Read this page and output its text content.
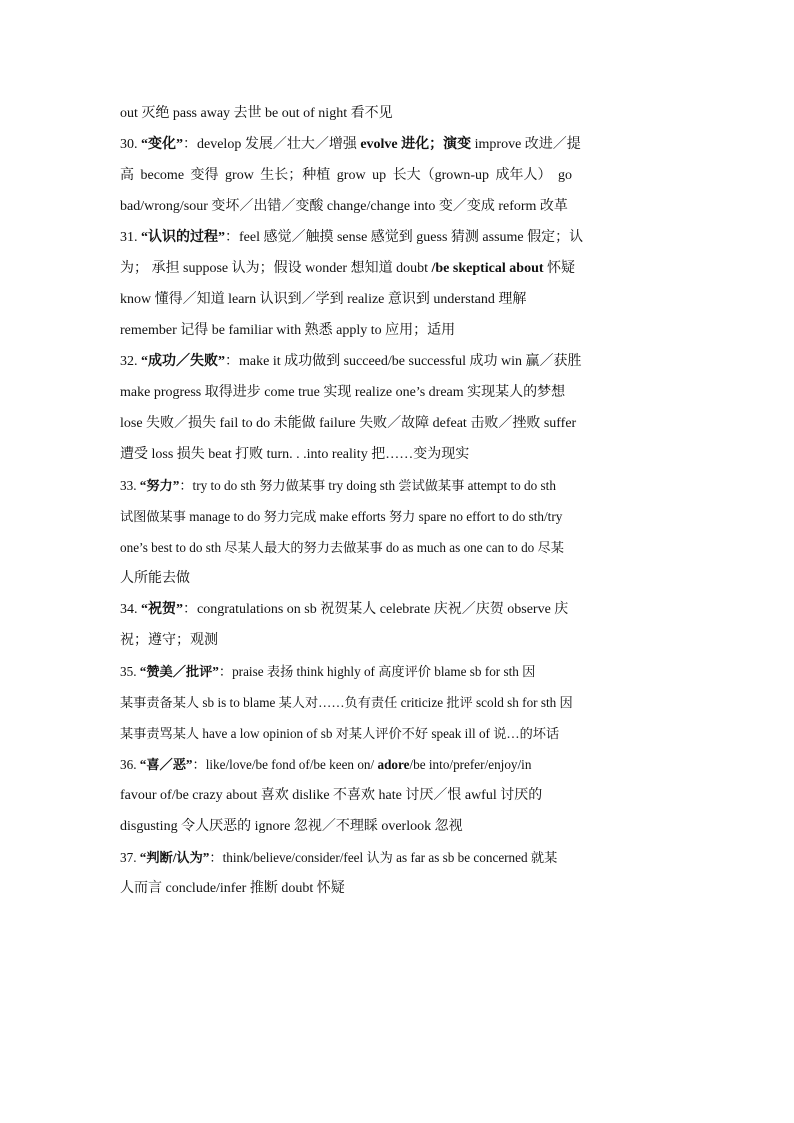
out 灭绝 pass away 去世 be out of night 看不见
30. “变化”：develop 发展／壮大／增强 evolve 进化；演变 improve 改进／提
高 become 变得 grow 生长；种植 grow up 长大（grown-up 成年人） go
bad/wrong/sour 变坏／出错／变酸 change/change into 变／变成 reform 改革
31. “认识的过程”：feel 感觉／触摸 sense 感觉到 guess 猜测 assume 假定；认
为； 承担 suppose 认为；假设 wonder 想知道 doubt /be skeptical about 怀疑
know 懂得／知道 learn 认识到／学到 realize 意识到 understand 理解
remember 记得 be familiar with 熟悉 apply to 应用；适用
32. “成功／失败”：make it 成功做到 succeed/be successful 成功 win 赢／获胜
make progress 取得进步 come true 实现 realize one’s dream 实现某人的梦想
lose 失败／损失 fail to do 未能做 failure 失败／故障 defeat 击败／挫败 suffer
遭受 loss 损失 beat 打败 turn. . .into reality 把……变为现实
33. “努力”：try to do sth 努力做某事 try doing sth 尝试做某事 attempt to do sth
试图做某事 manage to do 努力完成 make efforts 努力 spare no effort to do sth/try
one’s best to do sth 尽某人最大的努力去做某事 do as much as one can to do 尽某
人所能去做
34. “祝贺”：congratulations on sb 祝贺某人 celebrate 庆祝／庆贺 observe 庆
祝；遵守；观测
35. “赞美／批评”：praise 表扬 think highly of 高度评价 blame sb for sth 因
某事责备某人 sb is to blame 某人对……负有责任 criticize 批评 scold sh for sth 因
某事责骂某人 have a low opinion of sb 对某人评价不好 speak ill of 说…的坏话
36. “喜／恶”：like/love/be fond of/be keen on/ adore/be into/prefer/enjoy/in
favour of/be crazy about 喜欢 dislike 不喜欢 hate 讨厌／恨 awful 讨厌的
disgusting 令人厌恶的 ignore 忽视／不理睬 overlook 忽视
37. “判断/认为”：think/believe/consider/feel 认为 as far as sb be concerned 就某
人而言 conclude/infer 推断 doubt 怀疑
